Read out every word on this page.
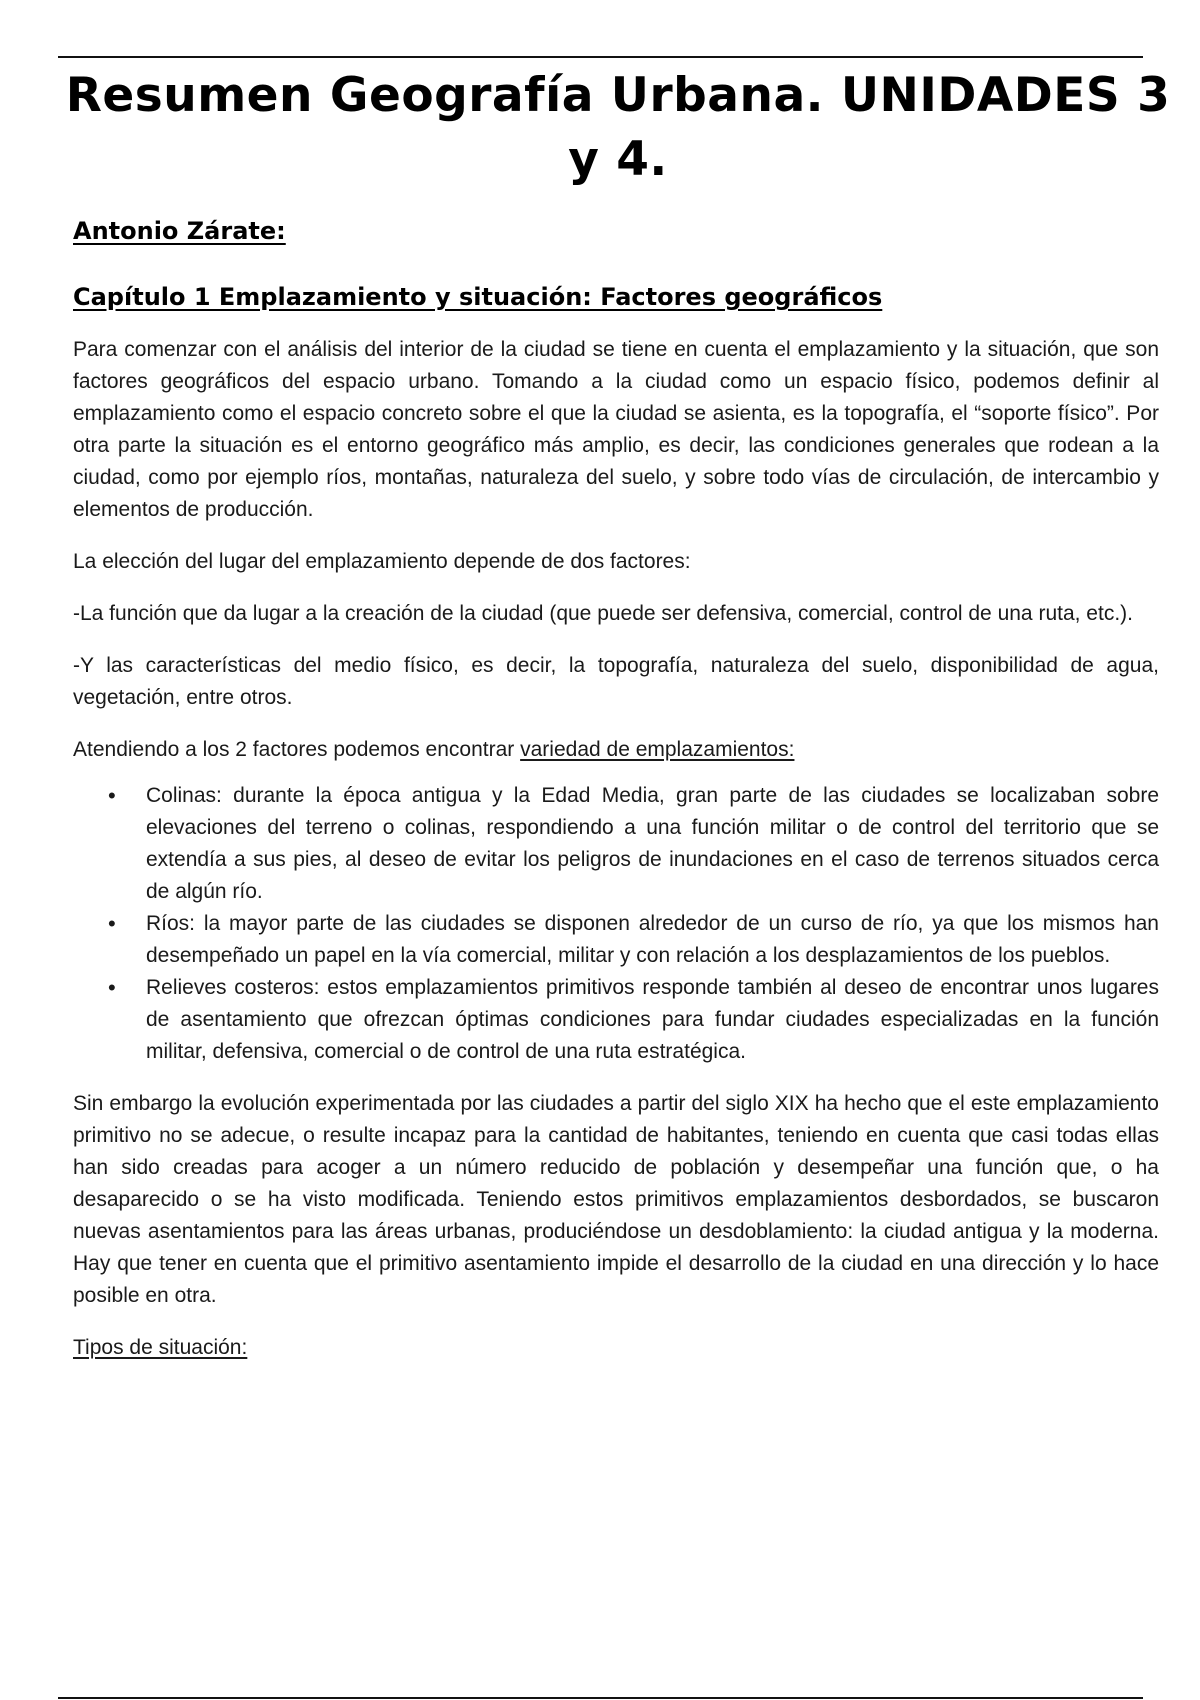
Resumen Geografía Urbana. UNIDADES 3 y 4.
Antonio Zárate:
Capítulo 1 Emplazamiento y situación: Factores geográficos

Para comenzar con el análisis del interior de la ciudad se tiene en cuenta el emplazamiento y la situación, que son factores geográficos del espacio urbano. Tomando a la ciudad como un espacio físico, podemos definir al emplazamiento como el espacio concreto sobre el que la ciudad se asienta, es la topografía, el “soporte físico”. Por otra parte la situación es el entorno geográfico más amplio, es decir, las condiciones generales que rodean a la ciudad, como por ejemplo ríos, montañas, naturaleza del suelo, y sobre todo vías de circulación, de intercambio y elementos de producción.

La elección del lugar del emplazamiento depende de dos factores:

-La función que da lugar a la creación de la ciudad (que puede ser defensiva, comercial, control de una ruta, etc.).

-Y las características del medio físico, es decir, la topografía, naturaleza del suelo, disponibilidad de agua, vegetación, entre otros.

Atendiendo a los 2 factores podemos encontrar variedad de emplazamientos:

• Colinas: durante la época antigua y la Edad Media, gran parte de las ciudades se localizaban sobre elevaciones del terreno o colinas, respondiendo a una función militar o de control del territorio que se extendía a sus pies, al deseo de evitar los peligros de inundaciones en el caso de terrenos situados cerca de algún río.
• Ríos: la mayor parte de las ciudades se disponen alrededor de un curso de río, ya que los mismos han desempeñado un papel en la vía comercial, militar y con relación a los desplazamientos de los pueblos.
• Relieves costeros: estos emplazamientos primitivos responde también al deseo de encontrar unos lugares de asentamiento que ofrezcan óptimas condiciones para fundar ciudades especializadas en la función militar, defensiva, comercial o de control de una ruta estratégica.

Sin embargo la evolución experimentada por las ciudades a partir del siglo XIX ha hecho que el este emplazamiento primitivo no se adecue, o resulte incapaz para la cantidad de habitantes, teniendo en cuenta que casi todas ellas han sido creadas para acoger a un número reducido de población y desempeñar una función que, o ha desaparecido o se ha visto modificada. Teniendo estos primitivos emplazamientos desbordados, se buscaron nuevas asentamientos para las áreas urbanas, produciéndose un desdoblamiento: la ciudad antigua y la moderna. Hay que tener en cuenta que el primitivo asentamiento impide el desarrollo de la ciudad en una dirección y lo hace posible en otra.

Tipos de situación:
